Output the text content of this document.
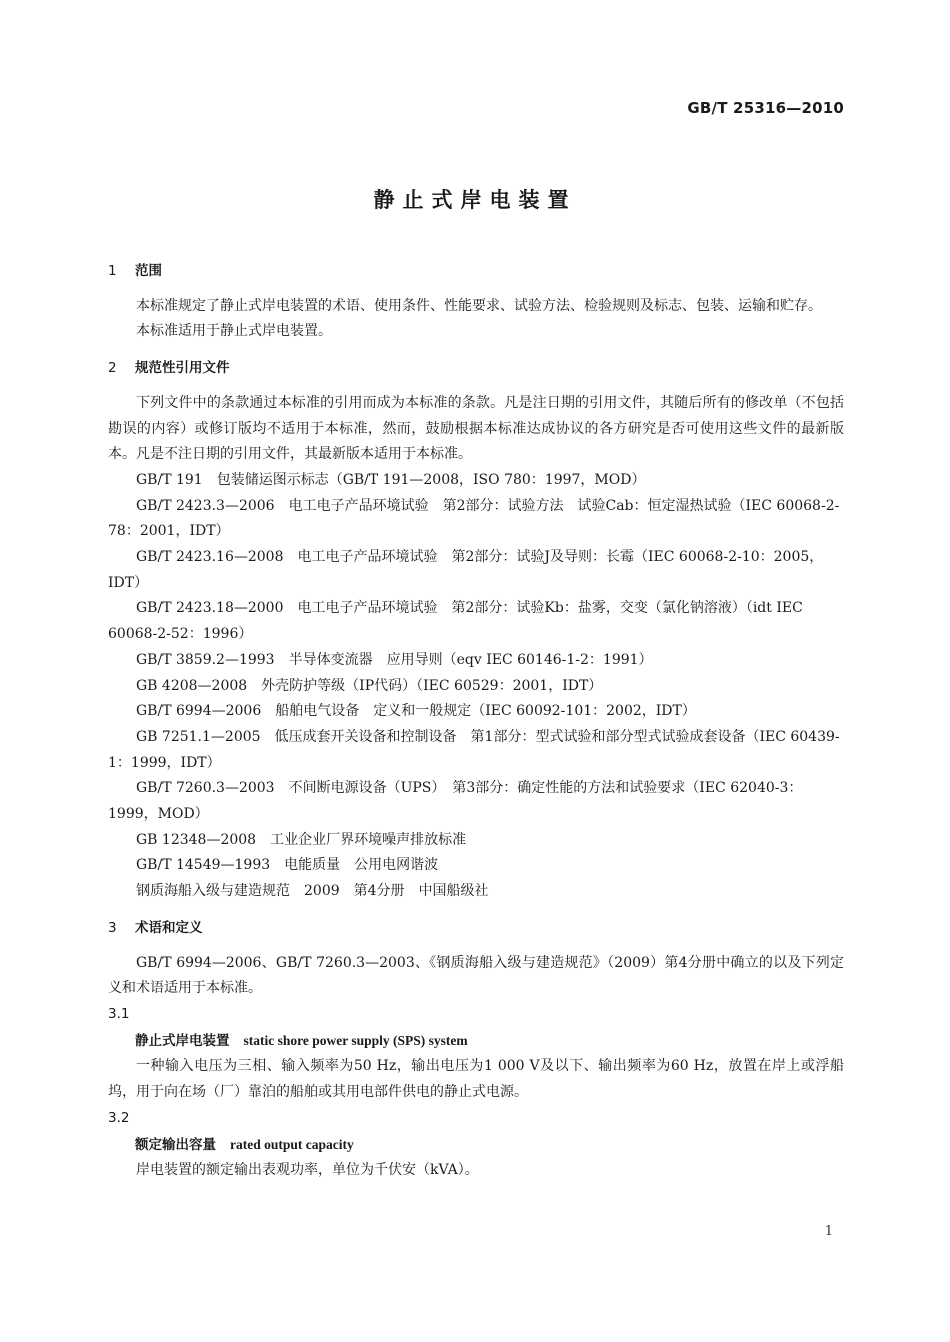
GB/T 25316—2010
静止式岸电装置
1 范围
本标准规定了静止式岸电装置的术语、使用条件、性能要求、试验方法、检验规则及标志、包装、运输和贮存。
本标准适用于静止式岸电装置。
2 规范性引用文件
下列文件中的条款通过本标准的引用而成为本标准的条款。凡是注日期的引用文件，其随后所有的修改单（不包括勘误的内容）或修订版均不适用于本标准，然而，鼓励根据本标准达成协议的各方研究是否可使用这些文件的最新版本。凡是不注日期的引用文件，其最新版本适用于本标准。
GB/T 191　包装储运图示标志（GB/T 191—2008，ISO 780：1997，MOD）
GB/T 2423.3—2006　电工电子产品环境试验　第2部分：试验方法　试验Cab：恒定湿热试验（IEC 60068-2-78：2001，IDT）
GB/T 2423.16—2008　电工电子产品环境试验　第2部分：试验J及导则：长霉（IEC 60068-2-10：2005，IDT）
GB/T 2423.18—2000　电工电子产品环境试验　第2部分：试验Kb：盐雾，交变（氯化钠溶液）（idt IEC 60068-2-52：1996）
GB/T 3859.2—1993　半导体变流器　应用导则（eqv IEC 60146-1-2：1991）
GB 4208—2008　外壳防护等级（IP代码）（IEC 60529：2001，IDT）
GB/T 6994—2006　船舶电气设备　定义和一般规定（IEC 60092-101：2002，IDT）
GB 7251.1—2005　低压成套开关设备和控制设备　第1部分：型式试验和部分型式试验成套设备（IEC 60439-1：1999，IDT）
GB/T 7260.3—2003　不间断电源设备（UPS）　第3部分：确定性能的方法和试验要求（IEC 62040-3：1999，MOD）
GB 12348—2008　工业企业厂界环境噪声排放标准
GB/T 14549—1993　电能质量　公用电网谐波
钢质海船入级与建造规范　2009　第4分册　中国船级社
3 术语和定义
GB/T 6994—2006、GB/T 7260.3—2003、《钢质海船入级与建造规范》（2009）第4分册中确立的以及下列定义和术语适用于本标准。
3.1
静止式岸电装置 static shore power supply (SPS) system
一种输入电压为三相、输入频率为50 Hz，输出电压为1 000 V及以下、输出频率为60 Hz，放置在岸上或浮船坞，用于向在场（厂）靠泊的船舶或其用电部件供电的静止式电源。
3.2
额定输出容量 rated output capacity
岸电装置的额定输出表观功率，单位为千伏安（kVA）。
1
